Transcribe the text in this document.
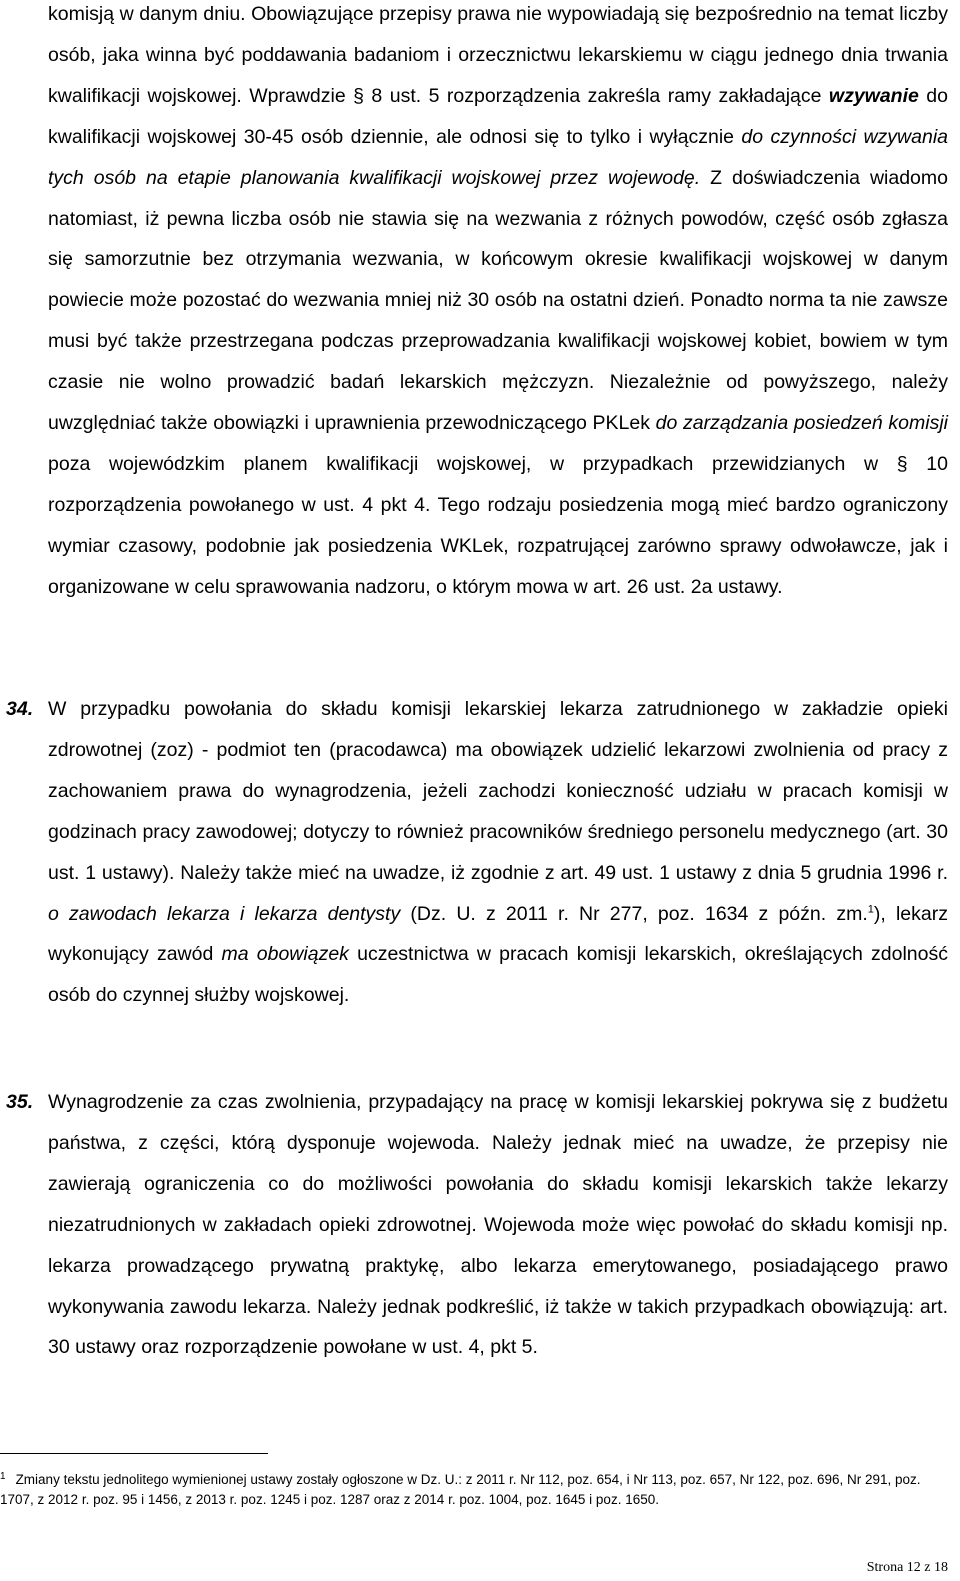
komisją w danym dniu. Obowiązujące przepisy prawa nie wypowiadają się bezpośrednio na temat liczby osób, jaka winna być poddawania badaniom i orzecznictwu lekarskiemu w ciągu jednego dnia trwania kwalifikacji wojskowej. Wprawdzie § 8 ust. 5 rozporządzenia zakreśla ramy zakładające wzywanie do kwalifikacji wojskowej 30-45 osób dziennie, ale odnosi się to tylko i wyłącznie do czynności wzywania tych osób na etapie planowania kwalifikacji wojskowej przez wojewodę. Z doświadczenia wiadomo natomiast, iż pewna liczba osób nie stawia się na wezwania z różnych powodów, część osób zgłasza się samorzutnie bez otrzymania wezwania, w końcowym okresie kwalifikacji wojskowej w danym powiecie może pozostać do wezwania mniej niż 30 osób na ostatni dzień. Ponadto norma ta nie zawsze musi być także przestrzegana podczas przeprowadzania kwalifikacji wojskowej kobiet, bowiem w tym czasie nie wolno prowadzić badań lekarskich mężczyzn. Niezależnie od powyższego, należy uwzględniać także obowiązki i uprawnienia przewodniczącego PKLek do zarządzania posiedzeń komisji poza wojewódzkim planem kwalifikacji wojskowej, w przypadkach przewidzianych w § 10 rozporządzenia powołanego w ust. 4 pkt 4. Tego rodzaju posiedzenia mogą mieć bardzo ograniczony wymiar czasowy, podobnie jak posiedzenia WKLek, rozpatrującej zarówno sprawy odwoławcze, jak i organizowane w celu sprawowania nadzoru, o którym mowa w art. 26 ust. 2a ustawy.

34. W przypadku powołania do składu komisji lekarskiej lekarza zatrudnionego w zakładzie opieki zdrowotnej (zoz) - podmiot ten (pracodawca) ma obowiązek udzielić lekarzowi zwolnienia od pracy z zachowaniem prawa do wynagrodzenia, jeżeli zachodzi konieczność udziału w pracach komisji w godzinach pracy zawodowej; dotyczy to również pracowników średniego personelu medycznego (art. 30 ust. 1 ustawy). Należy także mieć na uwadze, iż zgodnie z art. 49 ust. 1 ustawy z dnia 5 grudnia 1996 r. o zawodach lekarza i lekarza dentysty (Dz. U. z 2011 r. Nr 277, poz. 1634 z późn. zm.$^1$), lekarz wykonujący zawód ma obowiązek uczestnictwa w pracach komisji lekarskich, określających zdolność osób do czynnej służby wojskowej.

35. Wynagrodzenie za czas zwolnienia, przypadający na pracę w komisji lekarskiej pokrywa się z budżetu państwa, z części, którą dysponuje wojewoda. Należy jednak mieć na uwadze, że przepisy nie zawierają ograniczenia co do możliwości powołania do składu komisji lekarskich także lekarzy niezatrudnionych w zakładach opieki zdrowotnej. Wojewoda może więc powołać do składu komisji np. lekarza prowadzącego prywatną praktykę, albo lekarza emerytowanego, posiadającego prawo wykonywania zawodu lekarza. Należy jednak podkreślić, iż także w takich przypadkach obowiązują: art. 30 ustawy oraz rozporządzenie powołane w ust. 4, pkt 5.

$^1$ Zmiany tekstu jednolitego wymienionej ustawy zostały ogłoszone w Dz. U.: z 2011 r. Nr 112, poz. 654, i Nr 113, poz. 657, Nr 122, poz. 696, Nr 291, poz. 1707, z 2012 r. poz. 95 i 1456, z 2013 r. poz. 1245 i poz. 1287 oraz z 2014 r. poz. 1004, poz. 1645 i poz. 1650.

Strona 12 z 18
